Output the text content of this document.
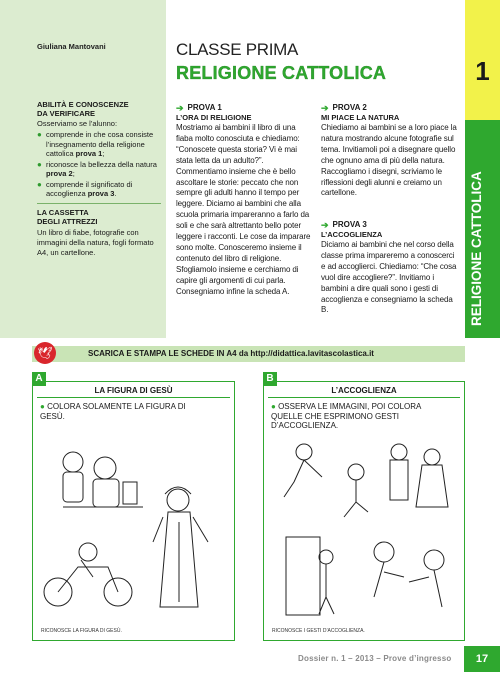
Giuliana Mantovani
ABILITÀ E CONOSCENZE
DA VERIFICARE
Osserviamo se l’alunno:
● comprende in che cosa consiste l’insegnamento della religione cattolica prova 1;
● riconosce la bellezza della natura prova 2;
● comprende il significato di accoglienza prova 3.
LA CASSETTA
DEGLI ATTREZZI
Un libro di fiabe, fotografie con immagini della natura, fogli formato A4, un cartellone.
CLASSE PRIMA
RELIGIONE CATTOLICA	1
RELIGIONE CATTOLICA
➔ PROVA 1
L’ORA DI RELIGIONE
Mostriamo ai bambini il libro di una fiaba molto conosciuta e chiediamo: “Conoscete questa storia? Vi è mai stata letta da un adulto?”. Commentiamo insieme che è bello ascoltare le storie: peccato che non sempre gli adulti hanno il tempo per leggere. Diciamo ai bambini che alla scuola primaria impareranno a farlo da soli e che sarà altrettanto bello poter leggere i racconti. Le cose da imparare sono molte. Conosceremo insieme il contenuto del libro di religione. Sfogliamolo insieme e cerchiamo di capire gli argomenti di cui parla. Consegniamo infine la scheda A.
➔ PROVA 2
MI PIACE LA NATURA
Chiediamo ai bambini se a loro piace la natura mostrando alcune fotografie sul tema. Invitiamoli poi a disegnare quello che ognuno ama di più della natura. Raccogliamo i disegni, scriviamo le riflessioni degli alunni e creiamo un cartellone.
➔ PROVA 3
L’ACCOGLIENZA
Diciamo ai bambini che nel corso della classe prima impareremo a conoscerci e ad accoglierci. Chiediamo: “Che cosa vuol dire accogliere?”. Invitiamo i bambini a dire quali sono i gesti di accoglienza e consegniamo la scheda B.
SCARICA E STAMPA LE SCHEDE IN A4 da http://didattica.lavitascolastica.it
🕊
A
LA FIGURA DI GESÙ
● COLORA SOLAMENTE LA FIGURA DI
GESÙ.
RICONOSCE LA FIGURA DI GESÙ.
B
L’ACCOGLIENZA
● OSSERVA LE IMMAGINI, POI COLORA
QUELLE CHE ESPRIMONO GESTI
D’ACCOGLIENZA.
RICONOSCE I GESTI D’ACCOGLIENZA.
Dossier n. 1 – 2013 – Prove d’ingresso	17
